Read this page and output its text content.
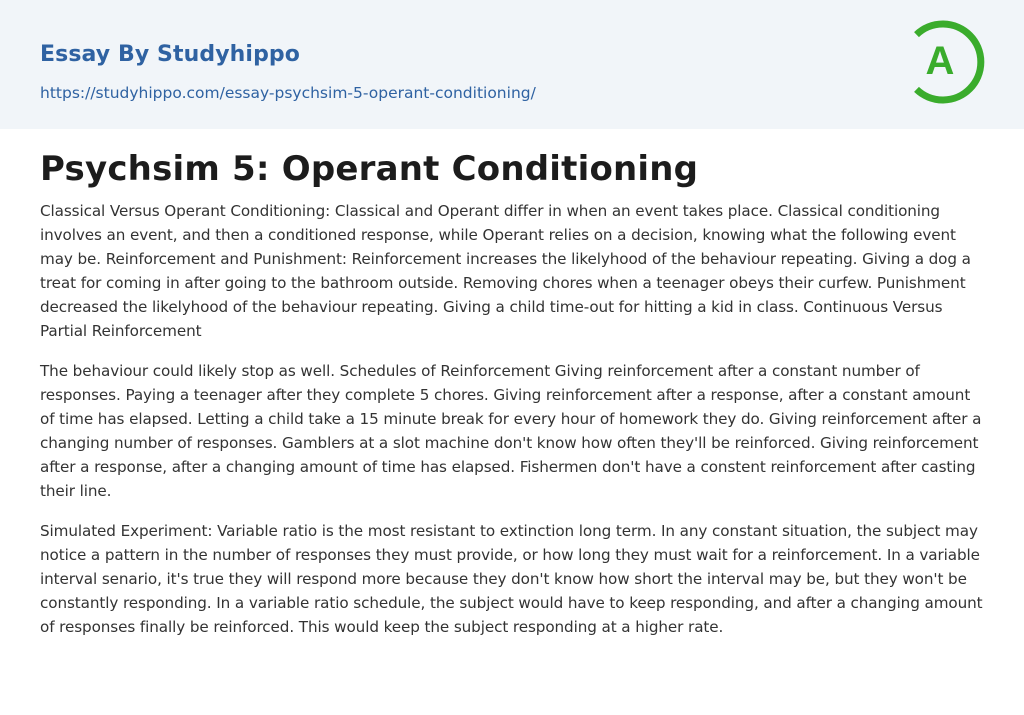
Essay By Studyhippo
https://studyhippo.com/essay-psychsim-5-operant-conditioning/
A
Psychsim 5: Operant Conditioning

Classical Versus Operant Conditioning: Classical and Operant differ in when an event takes place. Classical conditioning involves an event, and then a conditioned response, while Operant relies on a decision, knowing what the following event may be. Reinforcement and Punishment: Reinforcement increases the likelyhood of the behaviour repeating. Giving a dog a treat for coming in after going to the bathroom outside. Removing chores when a teenager obeys their curfew. Punishment decreased the likelyhood of the behaviour repeating. Giving a child time-out for hitting a kid in class. Continuous Versus Partial Reinforcement

The behaviour could likely stop as well. Schedules of Reinforcement Giving reinforcement after a constant number of responses. Paying a teenager after they complete 5 chores. Giving reinforcement after a response, after a constant amount of time has elapsed. Letting a child take a 15 minute break for every hour of homework they do. Giving reinforcement after a changing number of responses. Gamblers at a slot machine don't know how often they'll be reinforced. Giving reinforcement after a response, after a changing amount of time has elapsed. Fishermen don't have a constent reinforcement after casting their line.

Simulated Experiment: Variable ratio is the most resistant to extinction long term. In any constant situation, the subject may notice a pattern in the number of responses they must provide, or how long they must wait for a reinforcement. In a variable interval senario, it's true they will respond more because they don't know how short the interval may be, but they won't be constantly responding. In a variable ratio schedule, the subject would have to keep responding, and after a changing amount of responses finally be reinforced. This would keep the subject responding at a higher rate.
